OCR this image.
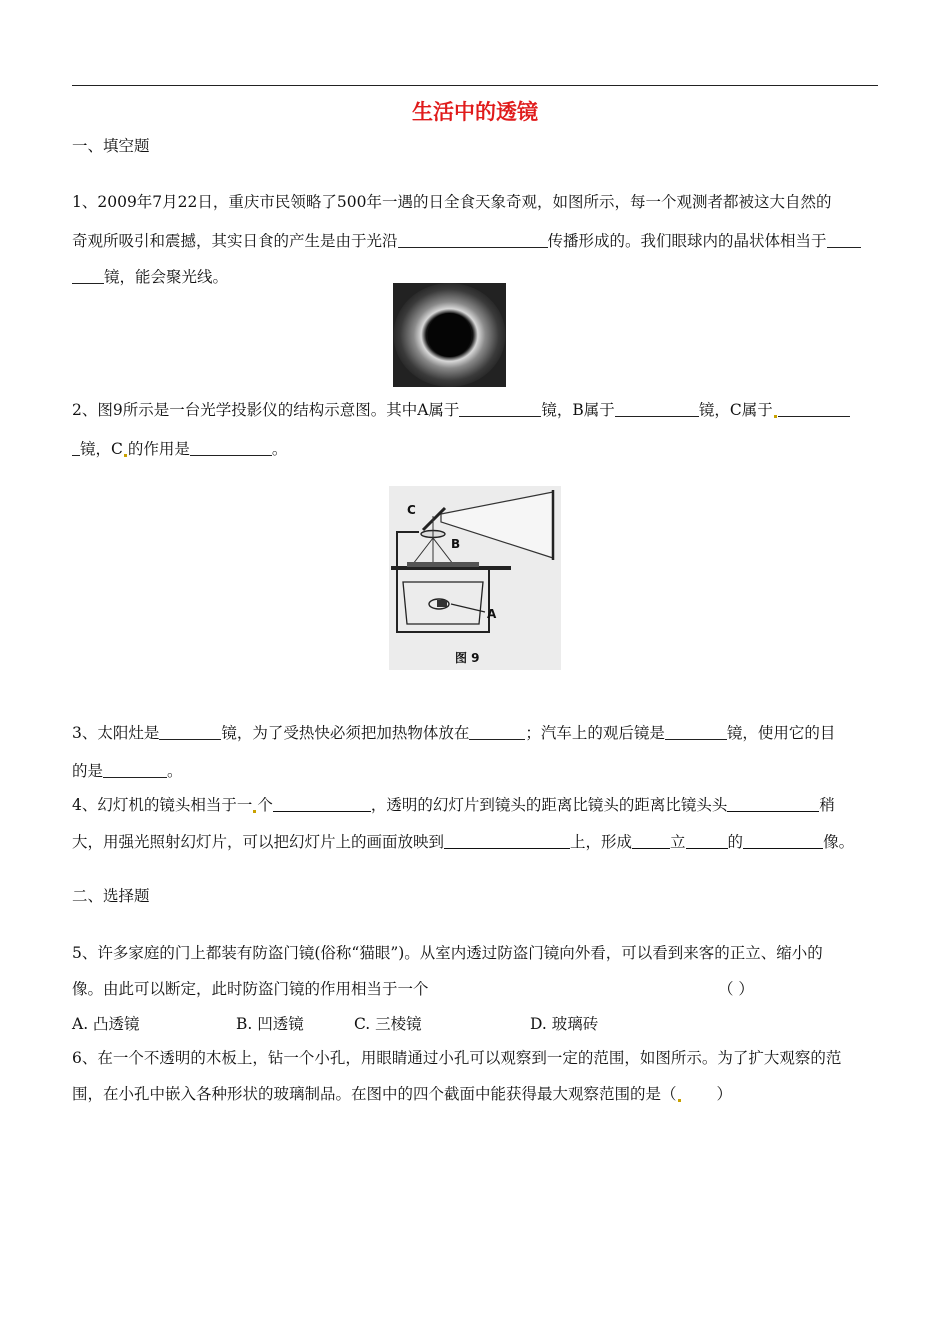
生活中的透镜
一、填空题
1、2009年7月22日，重庆市民领略了500年一遇的日全食天象奇观，如图所示，每一个观测者都被这大自然的
奇观所吸引和震撼，其实日食的产生是由于光沿	传播形成的。我们眼球内的晶状体相当于
镜，能会聚光线。
2、图9所示是一台光学投影仪的结构示意图。其中A属于	镜，B属于	镜，C属于
镜，C 的作用是	。
C
B
A
图 9
3、太阳灶是	镜，为了受热快必须把加热物体放在	；汽车上的观后镜是	镜，使用它的目
的是	。
4、幻灯机的镜头相当于一 个	，透明的幻灯片到镜头的距离比镜头的距离比镜头头	稍
大，用强光照射幻灯片，可以把幻灯片上的画面放映到	上，形成 立	的	像。
二、选择题
5、许多家庭的门上都装有防盗门镜(俗称“猫眼”)。从室内透过防盗门镜向外看，可以看到来客的正立、缩小的
像。由此可以断定，此时防盗门镜的作用相当于一个	（ ）
A. 凸透镜	B. 凹透镜	C. 三棱镜	D. 玻璃砖
6、在一个不透明的木板上，钻一个小孔，用眼睛通过小孔可以观察到一定的范围，如图所示。为了扩大观察的范
围，在小孔中嵌入各种形状的玻璃制品。在图中的四个截面中能获得最大观察范围的是（	）
